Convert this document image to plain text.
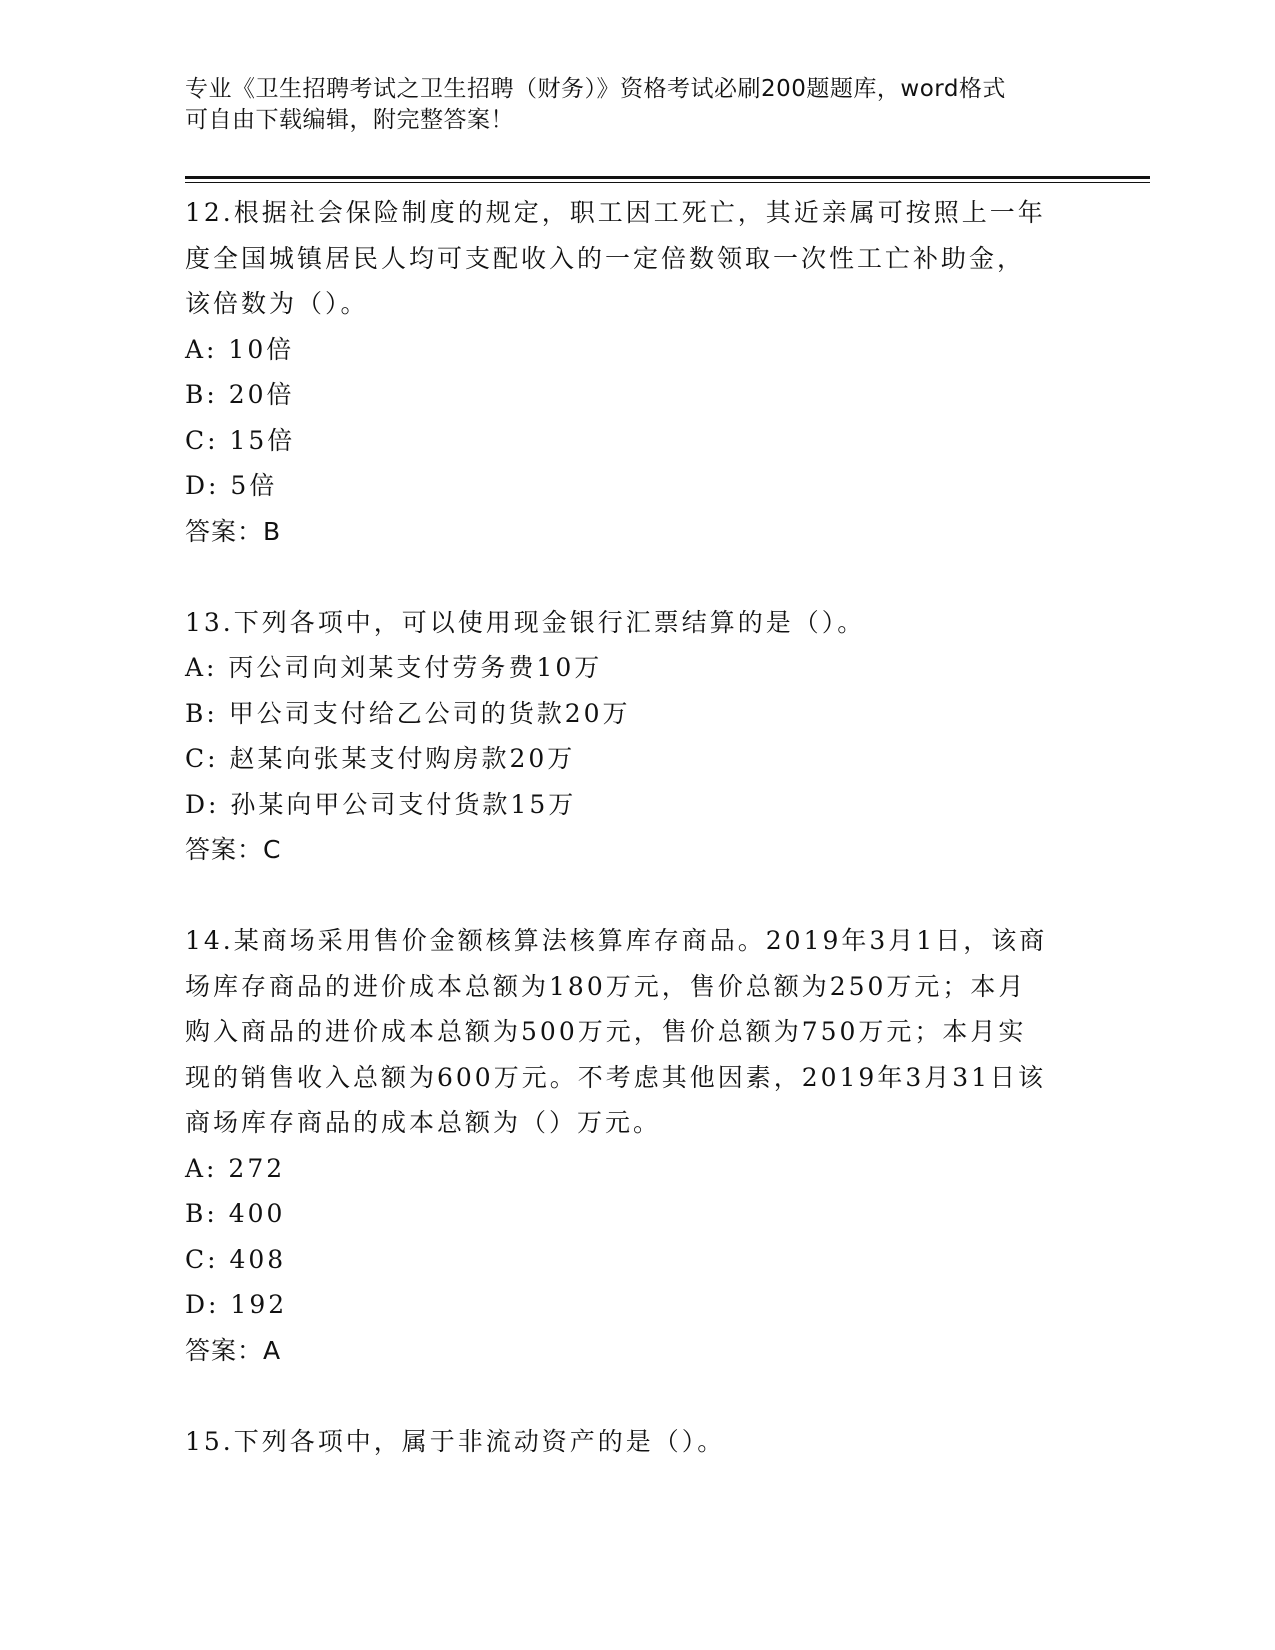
专业《卫生招聘考试之卫生招聘（财务）》资格考试必刷200题题库，word格式
可自由下载编辑，附完整答案！

12.根据社会保险制度的规定，职工因工死亡，其近亲属可按照上一年

度全国城镇居民人均可支配收入的一定倍数领取一次性工亡补助金，

该倍数为（）。

A: 10倍

B: 20倍

C: 15倍

D: 5倍

答案：B

13.下列各项中，可以使用现金银行汇票结算的是（）。

A: 丙公司向刘某支付劳务费10万

B: 甲公司支付给乙公司的货款20万

C: 赵某向张某支付购房款20万

D: 孙某向甲公司支付货款15万

答案：C

14.某商场采用售价金额核算法核算库存商品。2019年3月1日，该商

场库存商品的进价成本总额为180万元，售价总额为250万元；本月

购入商品的进价成本总额为500万元，售价总额为750万元；本月实

现的销售收入总额为600万元。不考虑其他因素，2019年3月31日该

商场库存商品的成本总额为（）万元。

A: 272

B: 400

C: 408

D: 192

答案：A

15.下列各项中，属于非流动资产的是（）。
